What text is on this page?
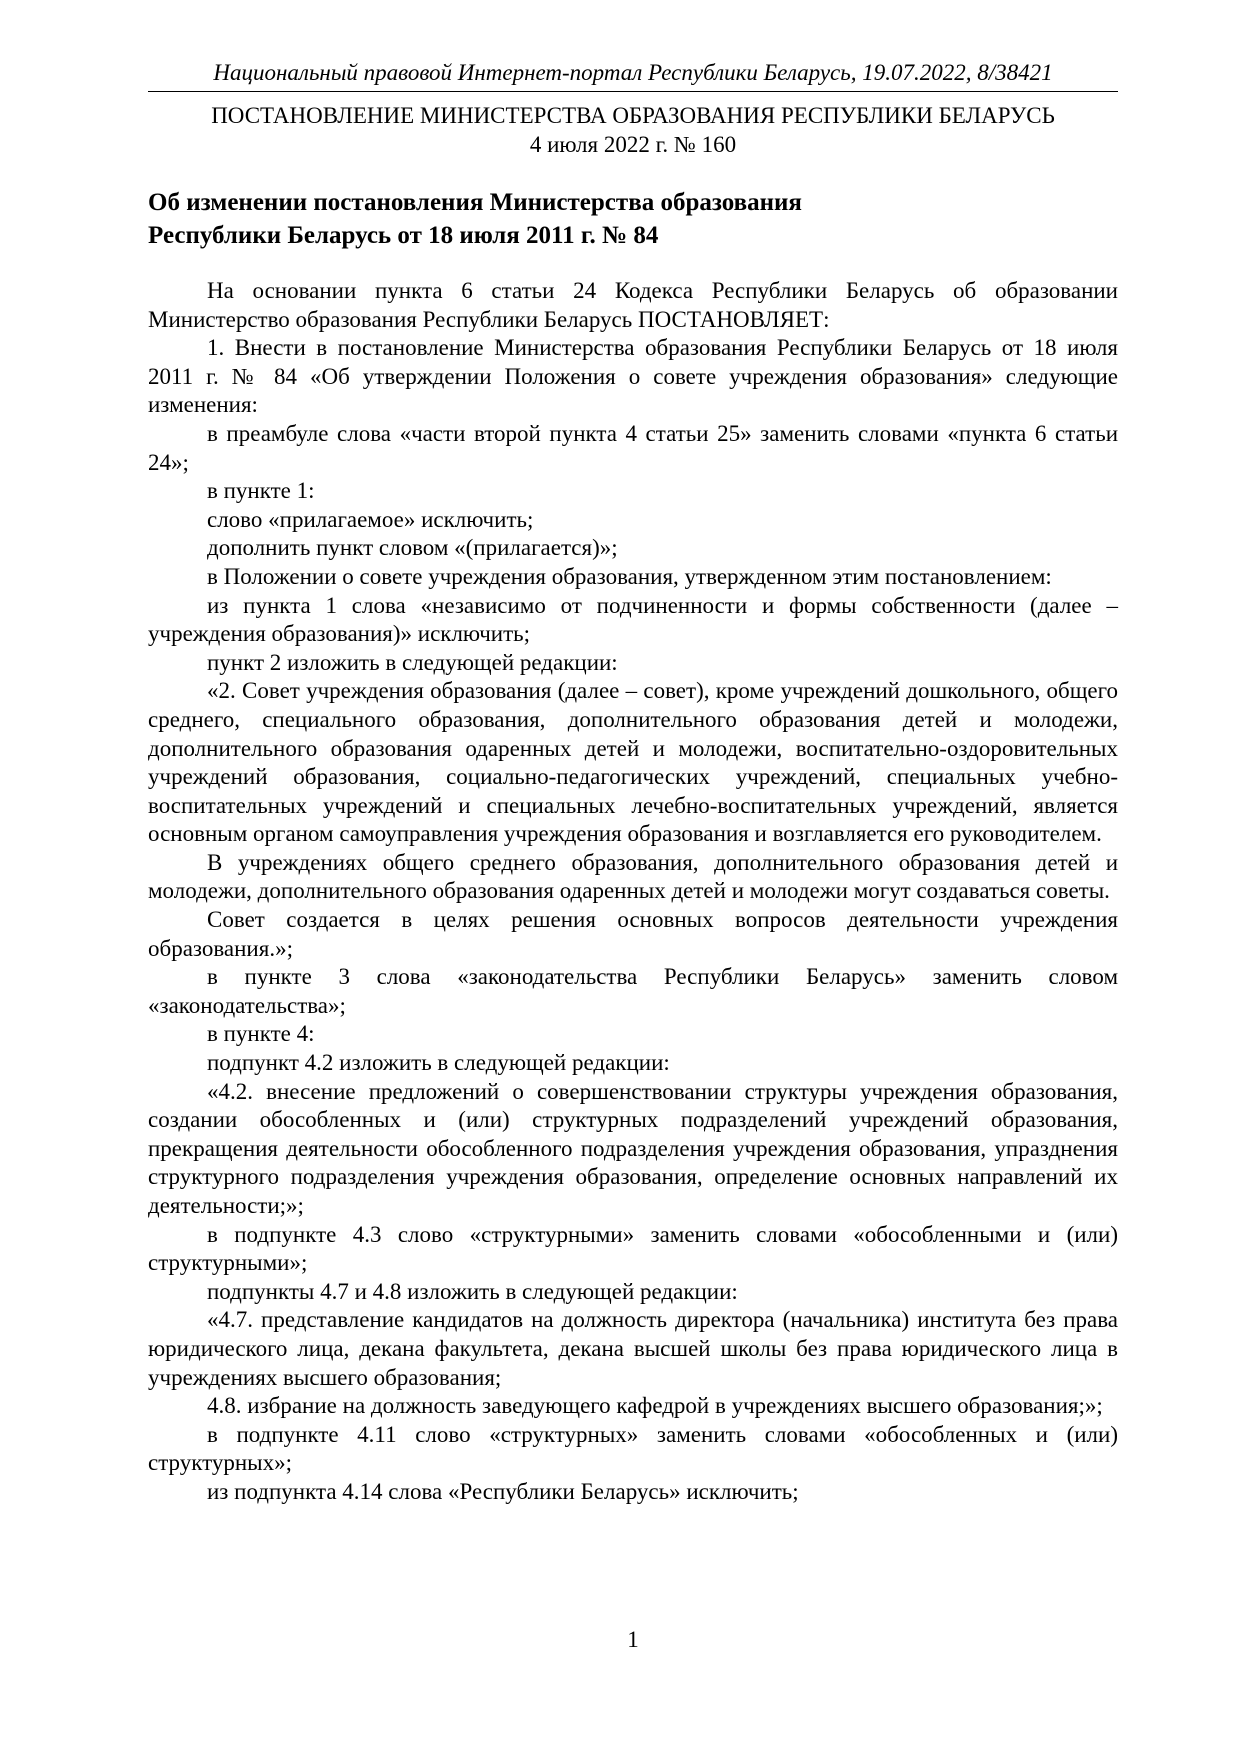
Национальный правовой Интернет-портал Республики Беларусь, 19.07.2022, 8/38421
ПОСТАНОВЛЕНИЕ МИНИСТЕРСТВА ОБРАЗОВАНИЯ РЕСПУБЛИКИ БЕЛАРУСЬ
4 июля 2022 г. № 160
Об изменении постановления Министерства образования
Республики Беларусь от 18 июля 2011 г. № 84

На основании пункта 6 статьи 24 Кодекса Республики Беларусь об образовании Министерство образования Республики Беларусь ПОСТАНОВЛЯЕТ:

1. Внести в постановление Министерства образования Республики Беларусь от 18 июля 2011 г. № 84 «Об утверждении Положения о совете учреждения образования» следующие изменения:

в преамбуле слова «части второй пункта 4 статьи 25» заменить словами «пункта 6 статьи 24»;

в пункте 1:

слово «прилагаемое» исключить;

дополнить пункт словом «(прилагается)»;

в Положении о совете учреждения образования, утвержденном этим постановлением:

из пункта 1 слова «независимо от подчиненности и формы собственности (далее – учреждения образования)» исключить;

пункт 2 изложить в следующей редакции:

«2. Совет учреждения образования (далее – совет), кроме учреждений дошкольного, общего среднего, специального образования, дополнительного образования детей и молодежи, дополнительного образования одаренных детей и молодежи, воспитательно-оздоровительных учреждений образования, социально-педагогических учреждений, специальных учебно-воспитательных учреждений и специальных лечебно-воспитательных учреждений, является основным органом самоуправления учреждения образования и возглавляется его руководителем.

В учреждениях общего среднего образования, дополнительного образования детей и молодежи, дополнительного образования одаренных детей и молодежи могут создаваться советы.

Совет создается в целях решения основных вопросов деятельности учреждения образования.»;

в пункте 3 слова «законодательства Республики Беларусь» заменить словом «законодательства»;

в пункте 4:

подпункт 4.2 изложить в следующей редакции:

«4.2. внесение предложений о совершенствовании структуры учреждения образования, создании обособленных и (или) структурных подразделений учреждений образования, прекращения деятельности обособленного подразделения учреждения образования, упразднения структурного подразделения учреждения образования, определение основных направлений их деятельности;»;

в подпункте 4.3 слово «структурными» заменить словами «обособленными и (или) структурными»;

подпункты 4.7 и 4.8 изложить в следующей редакции:

«4.7. представление кандидатов на должность директора (начальника) института без права юридического лица, декана факультета, декана высшей школы без права юридического лица в учреждениях высшего образования;

4.8. избрание на должность заведующего кафедрой в учреждениях высшего образования;»;

в подпункте 4.11 слово «структурных» заменить словами «обособленных и (или) структурных»;

из подпункта 4.14 слова «Республики Беларусь» исключить;

1
